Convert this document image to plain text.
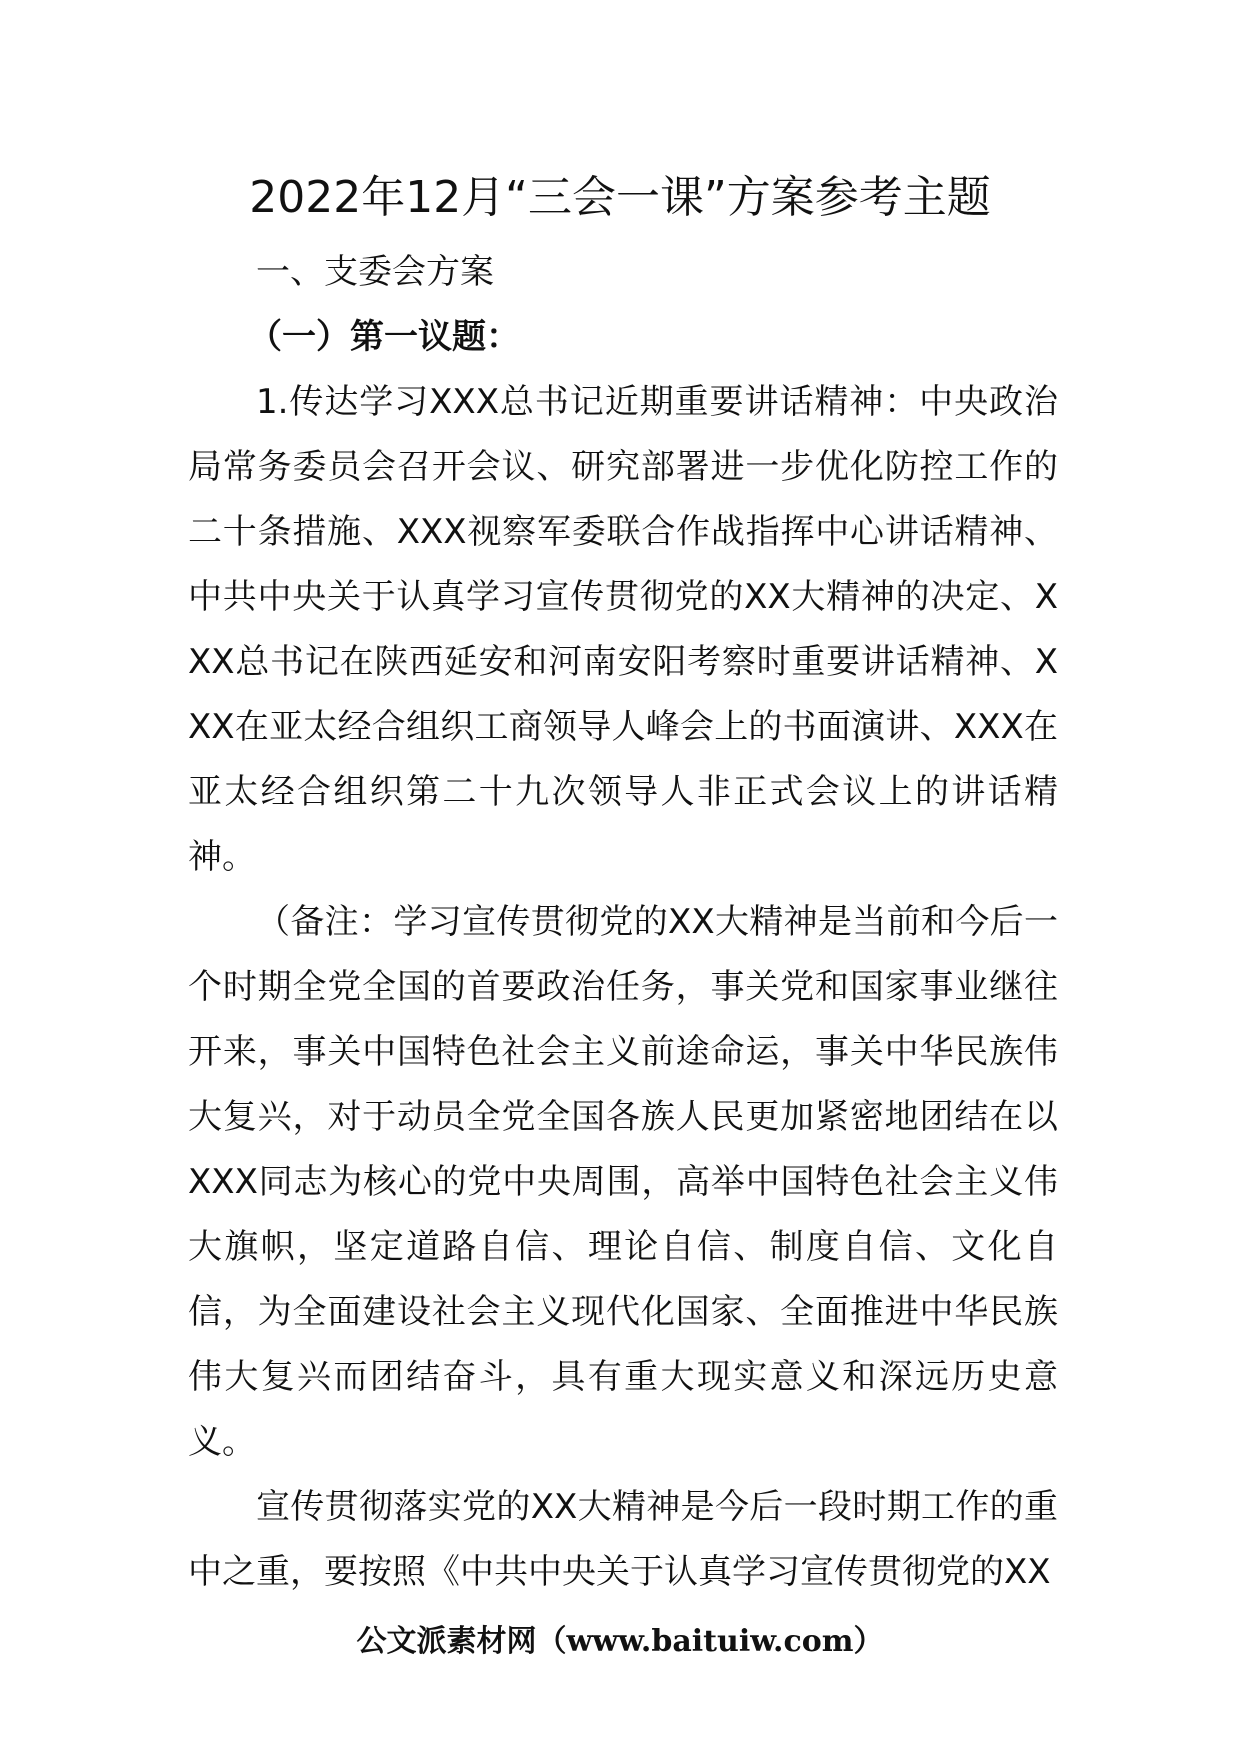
2022年12月“三会一课”方案参考主题

一、支委会方案

（一）第一议题：

1.传达学习XXX总书记近期重要讲话精神：中央政治局常务委员会召开会议、研究部署进一步优化防控工作的二十条措施、XXX视察军委联合作战指挥中心讲话精神、中共中央关于认真学习宣传贯彻党的XX大精神的决定、XXX总书记在陕西延安和河南安阳考察时重要讲话精神、XXX在亚太经合组织工商领导人峰会上的书面演讲、XXX在亚太经合组织第二十九次领导人非正式会议上的讲话精神。

（备注：学习宣传贯彻党的XX大精神是当前和今后一个时期全党全国的首要政治任务，事关党和国家事业继往开来，事关中国特色社会主义前途命运，事关中华民族伟大复兴，对于动员全党全国各族人民更加紧密地团结在以XXX同志为核心的党中央周围，高举中国特色社会主义伟大旗帜，坚定道路自信、理论自信、制度自信、文化自信，为全面建设社会主义现代化国家、全面推进中华民族伟大复兴而团结奋斗，具有重大现实意义和深远历史意义。

宣传贯彻落实党的XX大精神是今后一段时期工作的重中之重，要按照《中共中央关于认真学习宣传贯彻党的XX

公文派素材网（www.baituiw.com）
